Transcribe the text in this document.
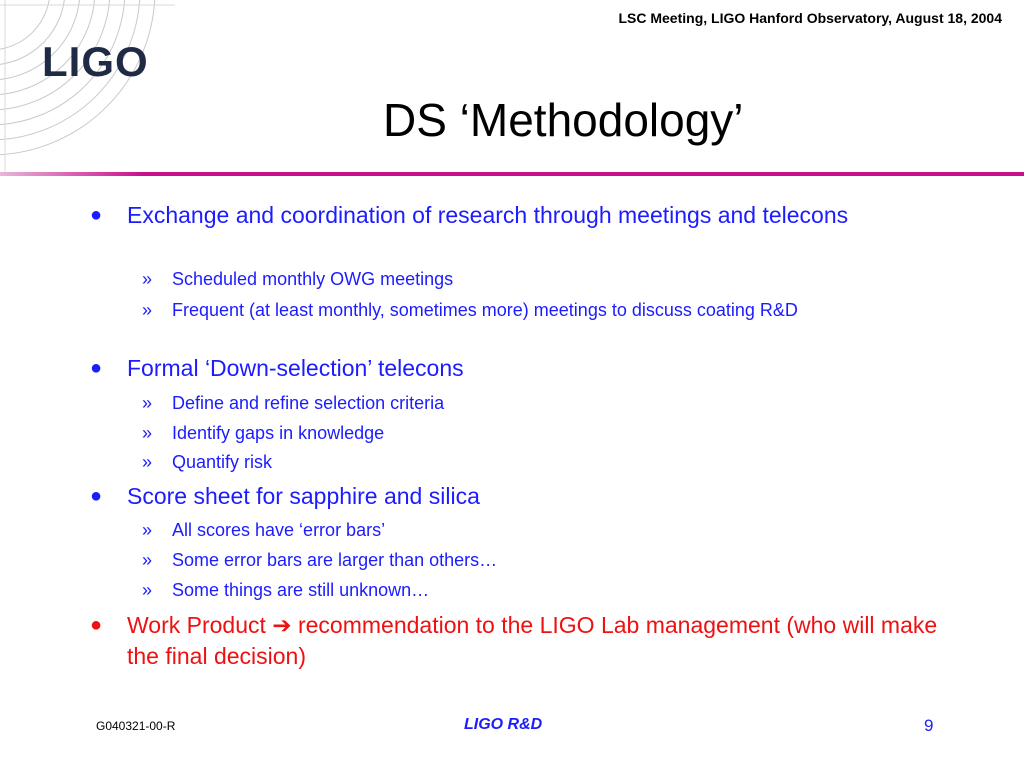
LIGO
LSC Meeting, LIGO Hanford Observatory, August 18, 2004
DS ‘Methodology’
● Exchange and coordination of research through meetings and telecons
» Scheduled monthly OWG meetings
» Frequent (at least monthly, sometimes more) meetings to discuss coating R&D
● Formal ‘Down-selection’ telecons
» Define and refine selection criteria
» Identify gaps in knowledge
» Quantify risk
● Score sheet for sapphire and silica
» All scores have ‘error bars’
» Some error bars are larger than others…
» Some things are still unknown…
● Work Product ➔ recommendation to the LIGO Lab management (who will make the final decision)
G040321-00-R	LIGO R&D	9
